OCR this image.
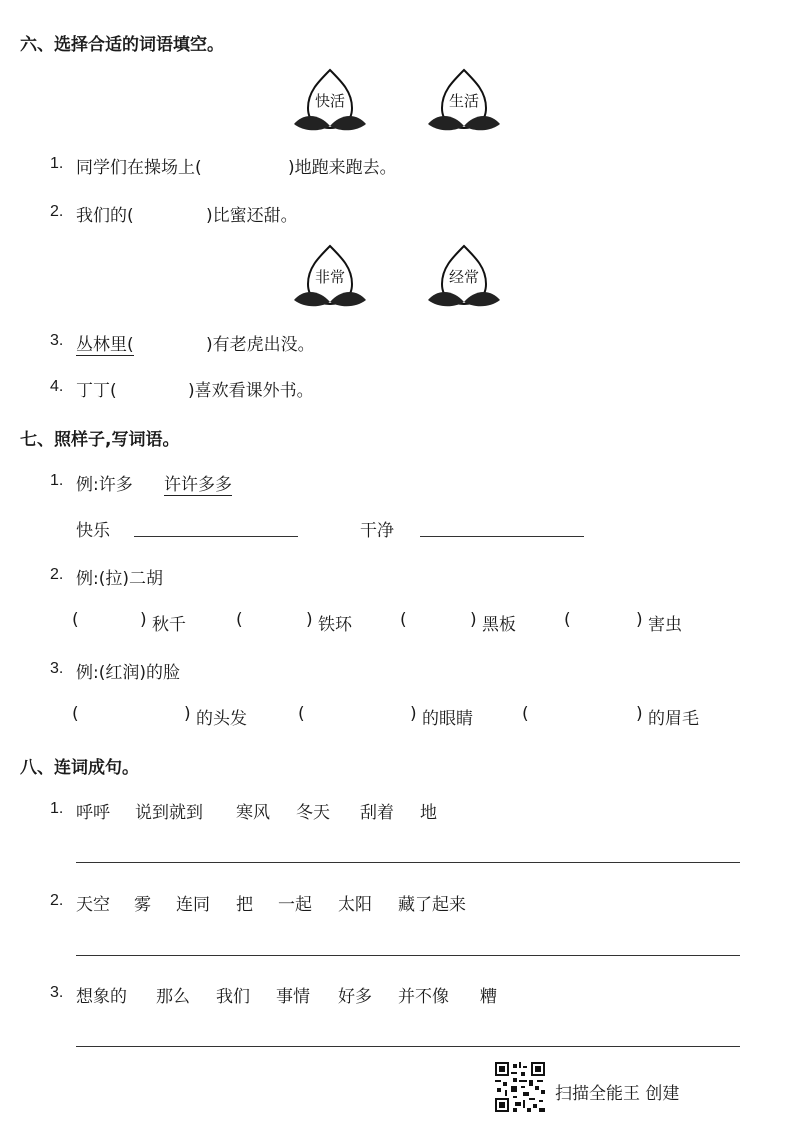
六、选择合适的词语填空。
快活	生活
1. 同学们在操场上(	)地跑来跑去。
2. 我们的(	)比蜜还甜。
非常	经常
3. 丛林里(	)有老虎出没。
4. 丁丁(	)喜欢看课外书。
七、照样子,写词语。
1. 例:许多 许许多多
快乐	干净
2. 例:(拉)二胡
(	) 秋千	(	) 铁环	(	) 黑板	(	) 害虫
3. 例:(红润)的脸
(	) 的头发	(	) 的眼睛	(	) 的眉毛
八、连词成句。
1. 呼呼 说到就到 寒风 冬天 刮着 地
2. 天空 雾 连同 把 一起 太阳 藏了起来
3. 想象的 那么 我们 事情 好多 并不像 糟
扫描全能王 创建
